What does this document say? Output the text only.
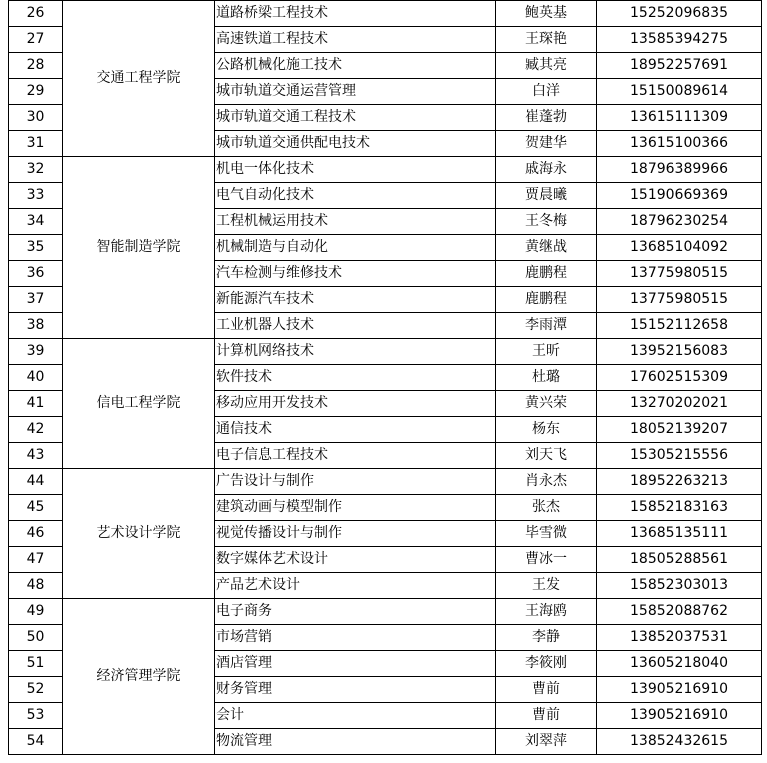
26	交通工程学院	道路桥梁工程技术	鲍英基	15252096835
27		高速铁道工程技术	王琛艳	13585394275
28		公路机械化施工技术	臧其亮	18952257691
29		城市轨道交通运营管理	白洋	15150089614
30		城市轨道交通工程技术	崔蓬勃	13615111309
31		城市轨道交通供配电技术	贺建华	13615100366
32	智能制造学院	机电一体化技术	戚海永	18796389966
33		电气自动化技术	贾晨曦	15190669369
34		工程机械运用技术	王冬梅	18796230254
35		机械制造与自动化	黄继战	13685104092
36		汽车检测与维修技术	鹿鹏程	13775980515
37		新能源汽车技术	鹿鹏程	13775980515
38		工业机器人技术	李雨潭	15152112658
39	信电工程学院	计算机网络技术	王昕	13952156083
40		软件技术	杜璐	17602515309
41		移动应用开发技术	黄兴荣	13270202021
42		通信技术	杨东	18052139207
43		电子信息工程技术	刘天飞	15305215556
44	艺术设计学院	广告设计与制作	肖永杰	18952263213
45		建筑动画与模型制作	张杰	15852183163
46		视觉传播设计与制作	毕雪微	13685135111
47		数字媒体艺术设计	曹冰一	18505288561
48		产品艺术设计	王发	15852303013
49	经济管理学院	电子商务	王海鸥	15852088762
50		市场营销	李静	13852037531
51		酒店管理	李筱刚	13605218040
52		财务管理	曹前	13905216910
53		会计	曹前	13905216910
54		物流管理	刘翠萍	13852432615
